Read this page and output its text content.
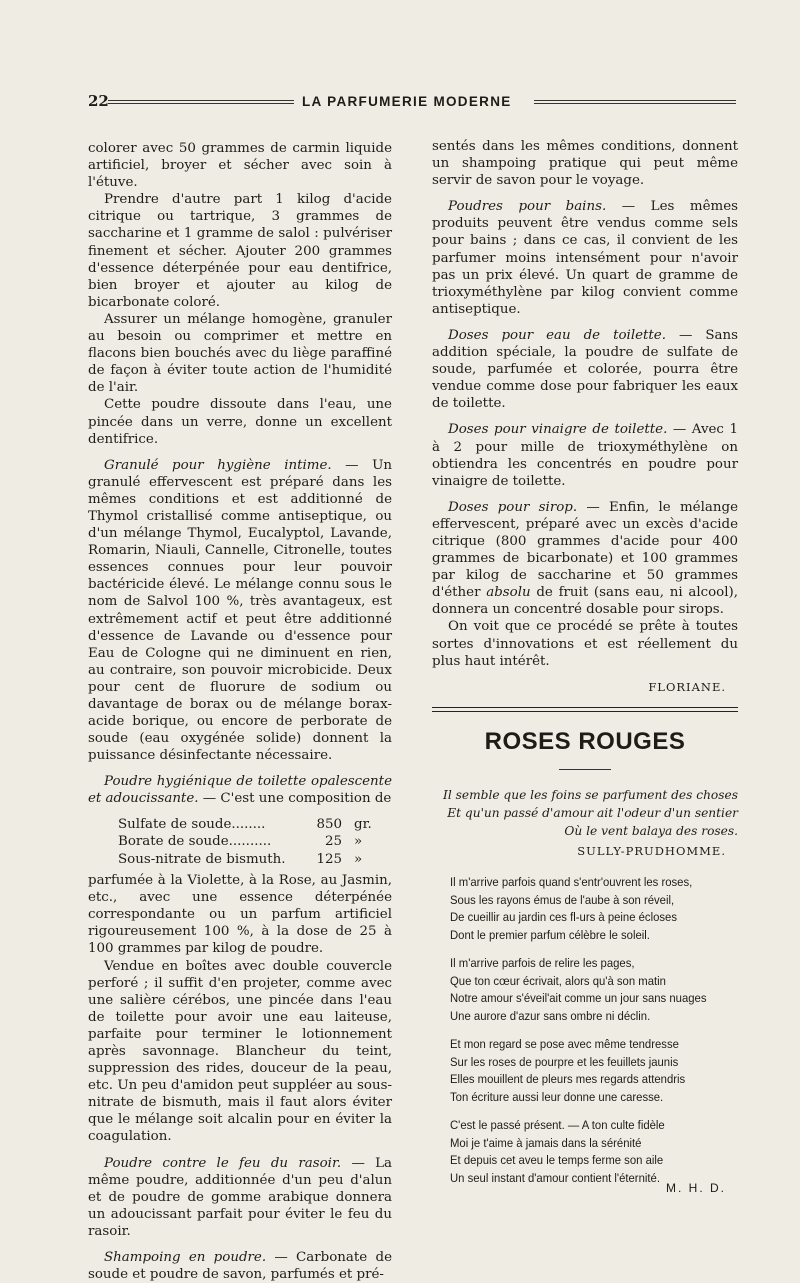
22	LA PARFUMERIE MODERNE

colorer avec 50 grammes de carmin liquide artificiel, broyer et sécher avec soin à l'étuve.

Prendre d'autre part 1 kilog d'acide citrique ou tartrique, 3 grammes de saccharine et 1 gramme de salol : pulvériser finement et sécher. Ajouter 200 grammes d'essence déterpénée pour eau dentifrice, bien broyer et ajouter au kilog de bicarbonate coloré.

Assurer un mélange homogène, granuler au besoin ou comprimer et mettre en flacons bien bouchés avec du liège paraffiné de façon à éviter toute action de l'humidité de l'air.

Cette poudre dissoute dans l'eau, une pincée dans un verre, donne un excellent dentifrice.

Granulé pour hygiène intime. — Un granulé effervescent est préparé dans les mêmes conditions et est additionné de Thymol cristallisé comme antiseptique, ou d'un mélange Thymol, Eucalyptol, Lavande, Romarin, Niauli, Cannelle, Citronelle, toutes essences connues pour leur pouvoir bactéricide élevé. Le mélange connu sous le nom de Salvol 100 %, très avantageux, est extrêmement actif et peut être additionné d'essence de Lavande ou d'essence pour Eau de Cologne qui ne diminuent en rien, au contraire, son pouvoir microbicide. Deux pour cent de fluorure de sodium ou davantage de borax ou de mélange borax-acide borique, ou encore de perborate de soude (eau oxygénée solide) donnent la puissance désinfectante nécessaire.

Poudre hygiénique de toilette opalescente et adoucissante. — C'est une composition de

Sulfate de soude........	850 gr.
Borate de soude..........	25 »
Sous-nitrate de bismuth.	125 »

parfumée à la Violette, à la Rose, au Jasmin, etc., avec une essence déterpénée correspondante ou un parfum artificiel rigoureusement 100 %, à la dose de 25 à 100 grammes par kilog de poudre.

Vendue en boîtes avec double couvercle perforé ; il suffit d'en projeter, comme avec une salière cérébos, une pincée dans l'eau de toilette pour avoir une eau laiteuse, parfaite pour terminer le lotionnement après savonnage. Blancheur du teint, suppression des rides, douceur de la peau, etc. Un peu d'amidon peut suppléer au sous-nitrate de bismuth, mais il faut alors éviter que le mélange soit alcalin pour en éviter la coagulation.

Poudre contre le feu du rasoir. — La même poudre, additionnée d'un peu d'alun et de poudre de gomme arabique donnera un adoucissant parfait pour éviter le feu du rasoir.

Shampoing en poudre. — Carbonate de soude et poudre de savon, parfumés et pré-

sentés dans les mêmes conditions, donnent un shampoing pratique qui peut même servir de savon pour le voyage.

Poudres pour bains. — Les mêmes produits peuvent être vendus comme sels pour bains ; dans ce cas, il convient de les parfumer moins intensément pour n'avoir pas un prix élevé. Un quart de gramme de trioxyméthylène par kilog convient comme antiseptique.

Doses pour eau de toilette. — Sans addition spéciale, la poudre de sulfate de soude, parfumée et colorée, pourra être vendue comme dose pour fabriquer les eaux de toilette.

Doses pour vinaigre de toilette. — Avec 1 à 2 pour mille de trioxyméthylène on obtiendra les concentrés en poudre pour vinaigre de toilette.

Doses pour sirop. — Enfin, le mélange effervescent, préparé avec un excès d'acide citrique (800 grammes d'acide pour 400 grammes de bicarbonate) et 100 grammes par kilog de saccharine et 50 grammes d'éther absolu de fruit (sans eau, ni alcool), donnera un concentré dosable pour sirops.

On voit que ce procédé se prête à toutes sortes d'innovations et est réellement du plus haut intérêt.

FLORIANE.
ROSES ROUGES
Il semble que les foins se parfument des choses
Et qu'un passé d'amour ait l'odeur d'un sentier
Où le vent balaya des roses.
SULLY-PRUDHOMME.
Il m'arrive parfois quand s'entr'ouvrent les roses,
Sous les rayons émus de l'aube à son réveil,
De cueillir au jardin ces fl-urs à peine écloses
Dont le premier parfum célèbre le soleil.
Il m'arrive parfois de relire les pages,
Que ton cœur écrivait, alors qu'à son matin
Notre amour s'éveil'ait comme un jour sans nuages
Une aurore d'azur sans ombre ni déclin.
Et mon regard se pose avec même tendresse
Sur les roses de pourpre et les feuillets jaunis
Elles mouillent de pleurs mes regards attendris
Ton écriture aussi leur donne une caresse.
C'est le passé présent. — A ton culte fidèle
Moi je t'aime à jamais dans la sérénité
Et depuis cet aveu le temps ferme son aile
Un seul instant d'amour contient l'éternité.
M. H. D.
